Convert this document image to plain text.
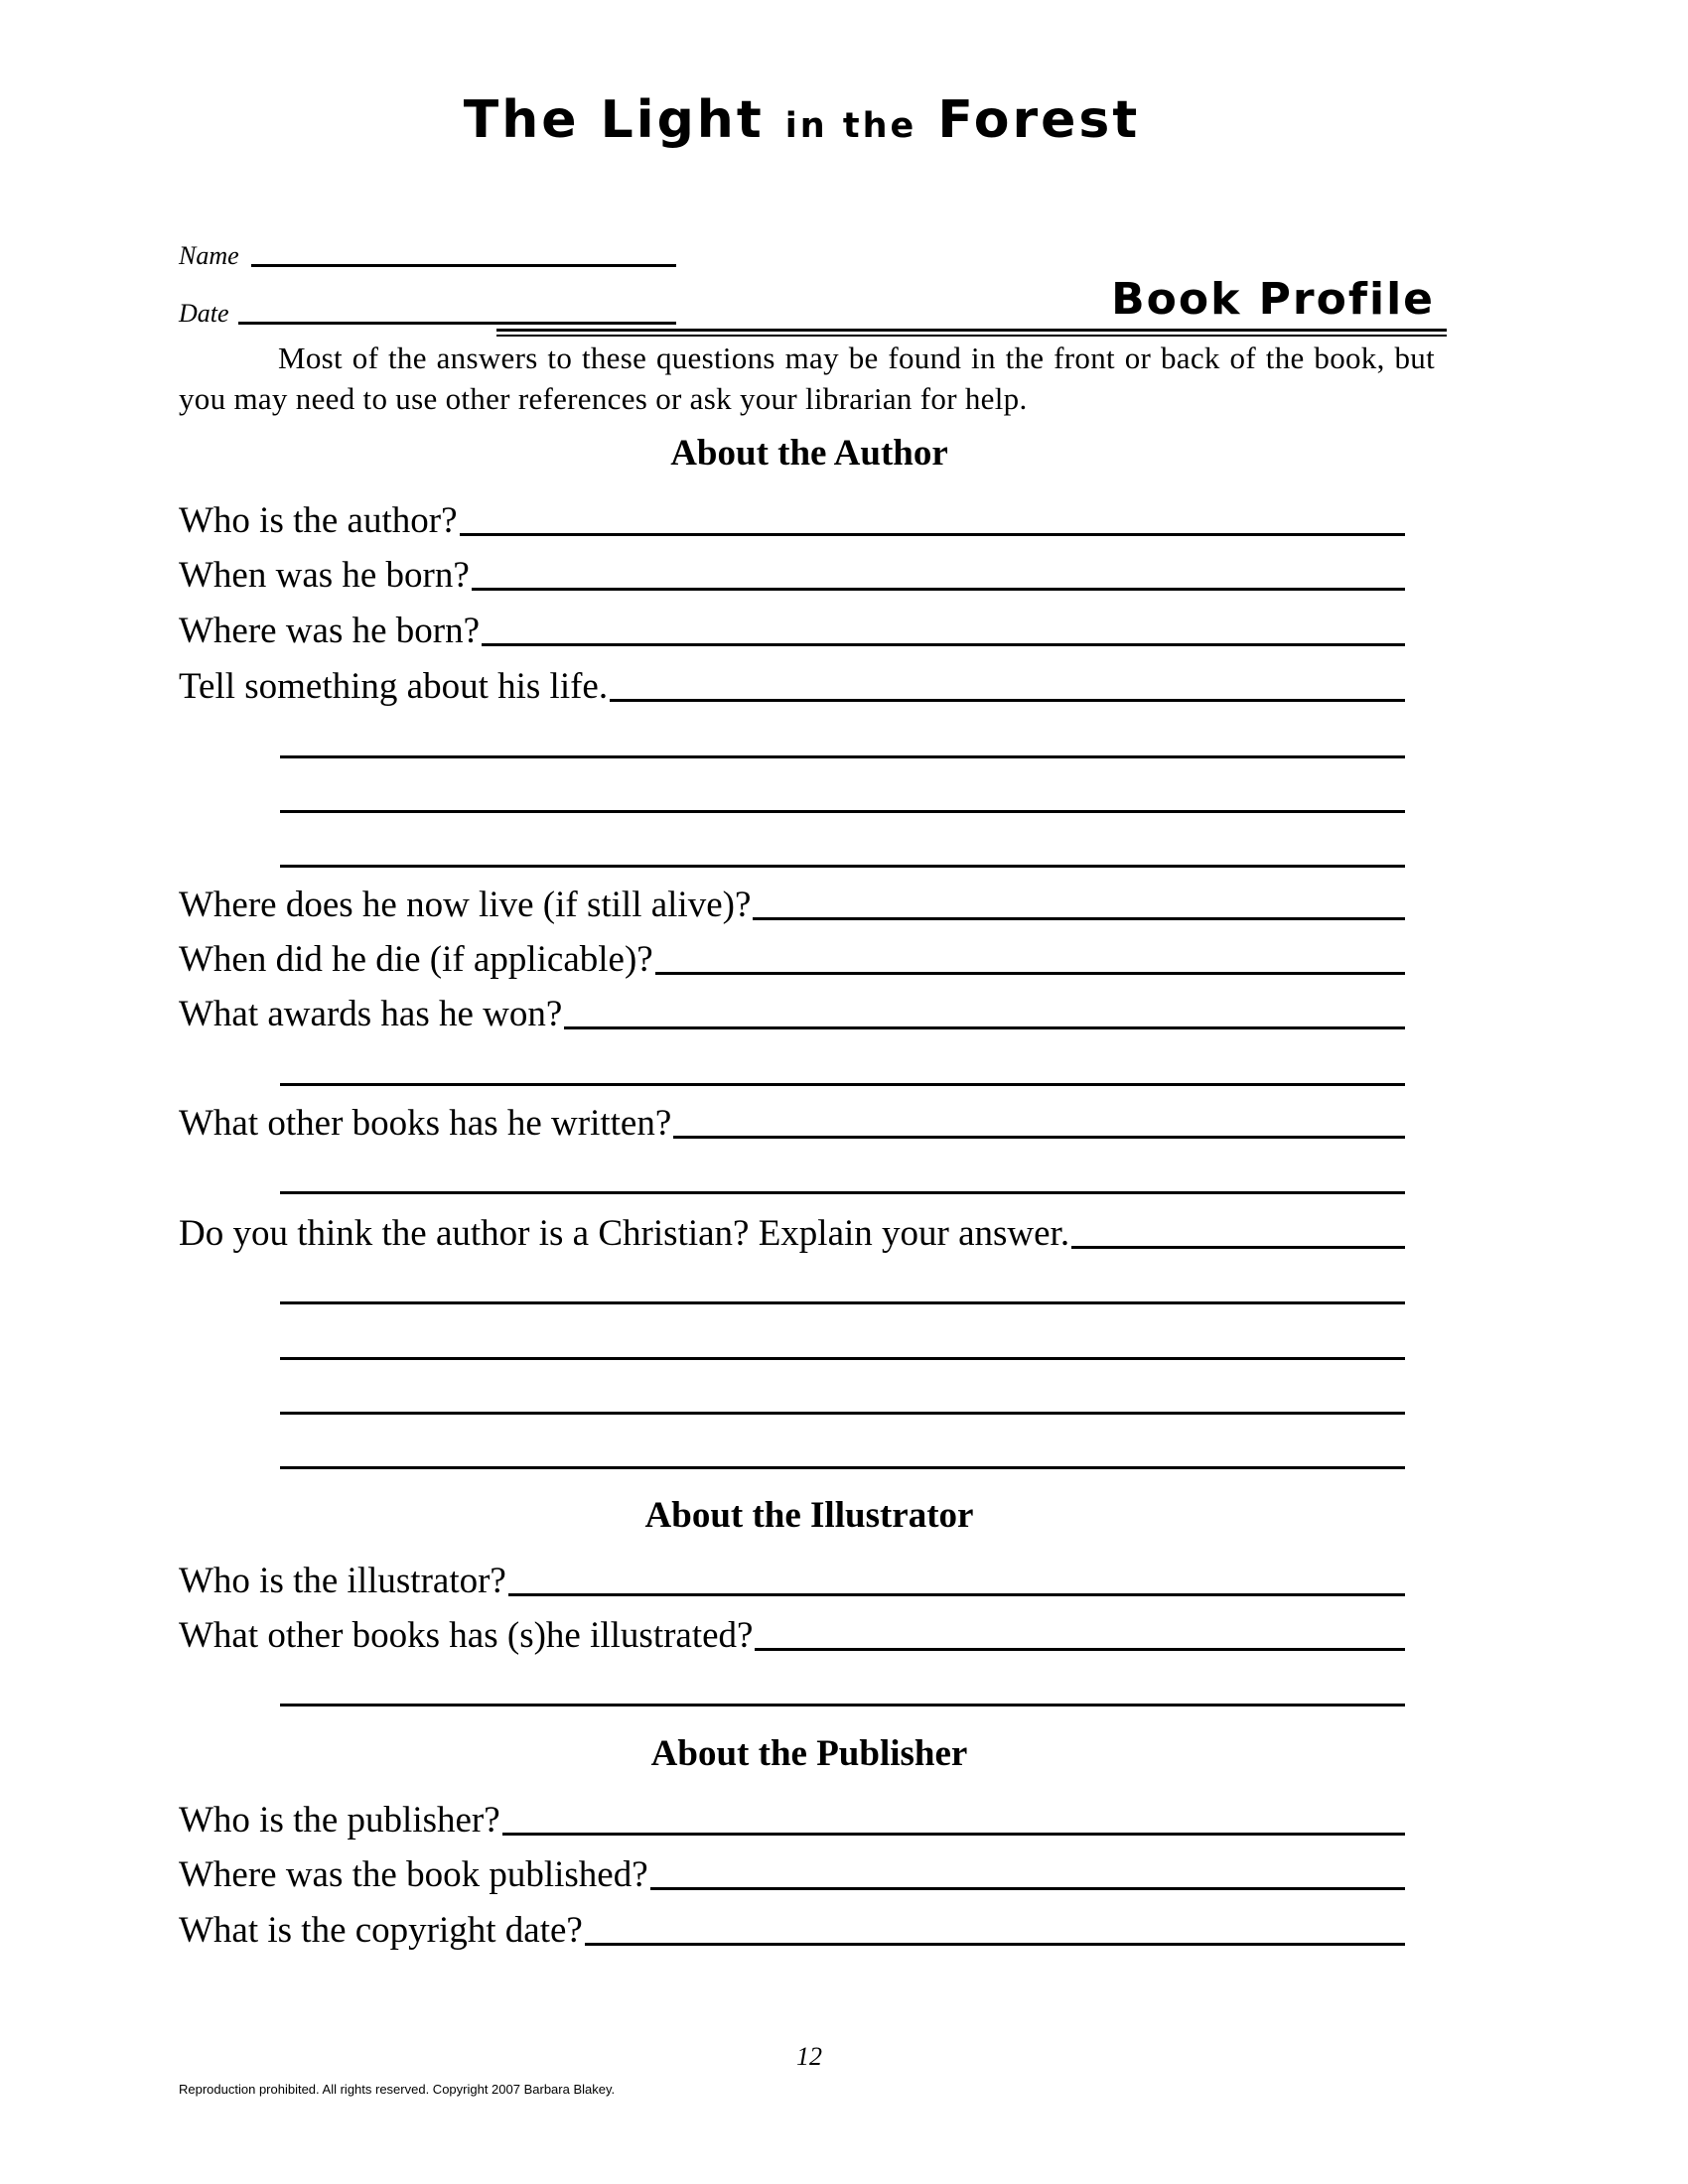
The Light in the Forest
Name
Date	Book Profile
Most of the answers to these questions may be found in the front or back of the book, but you may need to use other references or ask your librarian for help.
About the Author
Who is the author?
When was he born?
Where was he born?
Tell something about his life.
Where does he now live (if still alive)?
When did he die (if applicable)?
What awards has he won?
What other books has he written?
Do you think the author is a Christian? Explain your answer.
About the Illustrator
Who is the illustrator?
What other books has (s)he illustrated?
About the Publisher
Who is the publisher?
Where was the book published?
What is the copyright date?
12
Reproduction prohibited. All rights reserved. Copyright 2007 Barbara Blakey.
